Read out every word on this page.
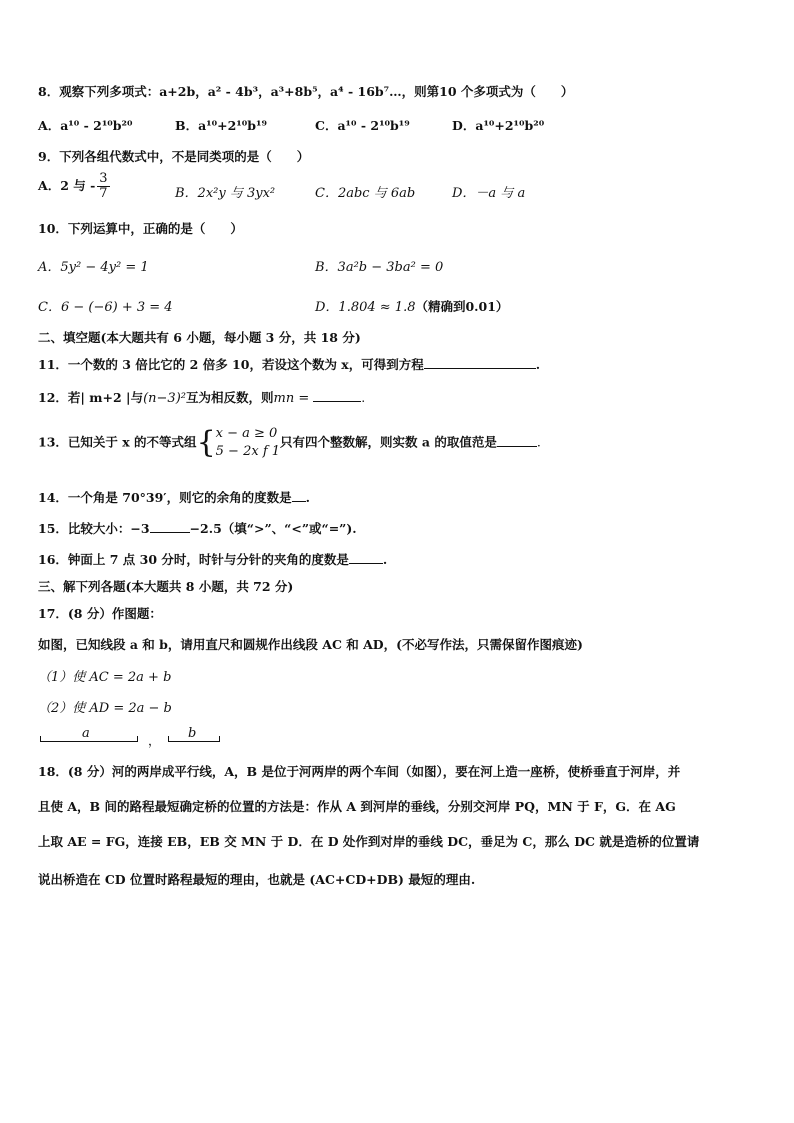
8．观察下列多项式：a+2b，a² - 4b³，a³+8b⁵，a⁴ - 16b⁷…，则第10 个多项式为（　　）
A．a¹⁰ - 2¹⁰b²⁰	B．a¹⁰+2¹⁰b¹⁹	C．a¹⁰ - 2¹⁰b¹⁹	D．a¹⁰+2¹⁰b²⁰
9．下列各组代数式中，不是同类项的是（　　）
A．2 与 - $\frac{3}{7}$	B．2x²y 与 3yx²	C．2abc 与 6ab	D．－a 与 a
10．下列运算中，正确的是（　　）
A．5y² − 4y² = 1	B．3a²b − 3ba² = 0
C．6 − (−6) + 3 = 4	D．1.804 ≈ 1.8（精确到0.01）
二、填空题(本大题共有 6 小题，每小题 3 分，共 18 分)
11．一个数的 3 倍比它的 2 倍多 10，若设这个数为 x，可得到方程	.
12．若| m+2 |与(n−3)²互为相反数，则mn =	.
13．已知关于 x 的不等式组{ x − a ≥ 0
5 − 2x f 1
只有四个整数解，则实数 a 的取值范是	.
14．一个角是 70°39′，则它的余角的度数是 .
15．比较大小：−3	−2.5（填“>”、“<”或“=”).
16．钟面上 7 点 30 分时，时针与分针的夹角的度数是	.
三、解下列各题(本大题共 8 小题，共 72 分)
17．(8 分）作图题：
如图，已知线段 a 和 b，请用直尺和圆规作出线段 AC 和 AD，(不必写作法，只需保留作图痕迹)
（1）使 AC = 2a + b
（2）使 AD = 2a − b
a	， b
18．(8 分）河的两岸成平行线，A，B 是位于河两岸的两个车间（如图），要在河上造一座桥，使桥垂直于河岸，并
且使 A，B 间的路程最短确定桥的位置的方法是：作从 A 到河岸的垂线，分别交河岸 PQ，MN 于 F，G．在 AG
上取 AE = FG，连接 EB，EB 交 MN 于 D．在 D 处作到对岸的垂线 DC，垂足为 C，那么 DC 就是造桥的位置请
说出桥造在 CD 位置时路程最短的理由，也就是 (AC+CD+DB) 最短的理由.
